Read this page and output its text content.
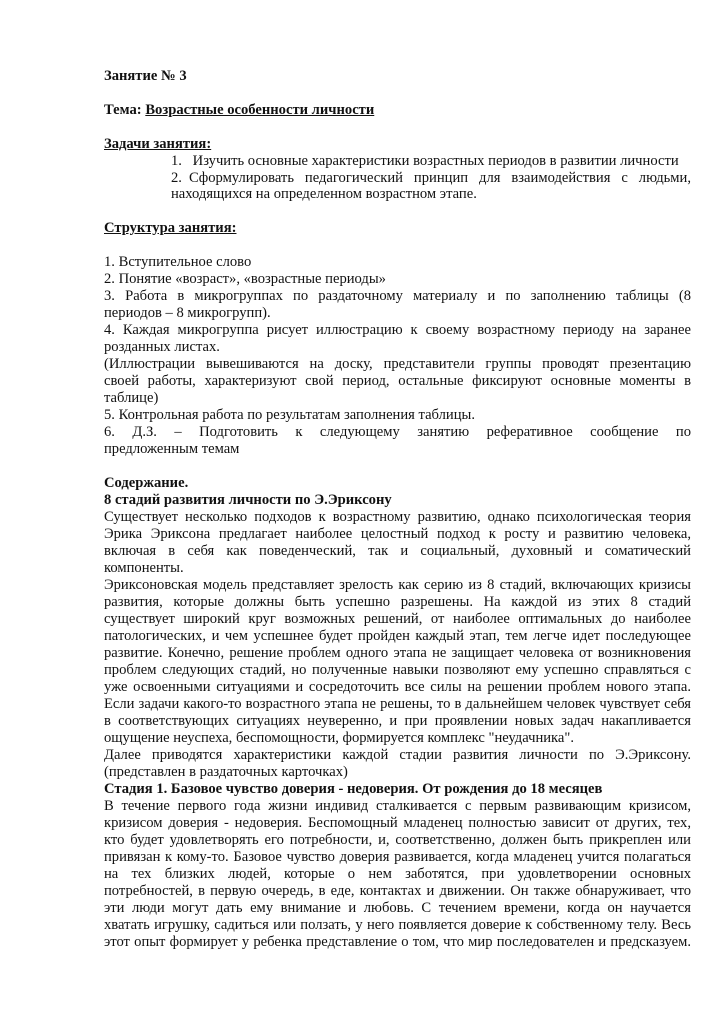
Занятие № 3
Тема: Возрастные особенности личности
Задачи занятия:
1. Изучить основные характеристики возрастных периодов в развитии личности
2. Сформулировать педагогический принцип для взаимодействия с людьми,
находящихся на определенном возрастном этапе.
Структура занятия:
1. Вступительное слово
2. Понятие «возраст», «возрастные периоды»
3. Работа в микрогруппах по раздаточному материалу и по заполнению таблицы (8
периодов – 8 микрогрупп).
4. Каждая микрогруппа рисует иллюстрацию к своему возрастному периоду на заранее
розданных листах.
(Иллюстрации вывешиваются на доску, представители группы проводят презентацию
своей работы, характеризуют свой период, остальные фиксируют основные моменты в
таблице)
5. Контрольная работа по результатам заполнения таблицы.
6. Д.З. – Подготовить к следующему занятию реферативное сообщение по
предложенным темам
Содержание.
8 стадий развития личности по Э.Эриксону
Существует несколько подходов к возрастному развитию, однако психологическая теория
Эрика Эриксона предлагает наиболее целостный подход к росту и развитию человека,
включая в себя как поведенческий, так и социальный, духовный и соматический
компоненты.
Эриксоновская модель представляет зрелость как серию из 8 стадий, включающих кризисы
развития, которые должны быть успешно разрешены. На каждой из этих 8 стадий
существует широкий круг возможных решений, от наиболее оптимальных до наиболее
патологических, и чем успешнее будет пройден каждый этап, тем легче идет последующее
развитие. Конечно, решение проблем одного этапа не защищает человека от возникновения
проблем следующих стадий, но полученные навыки позволяют ему успешно справляться с
уже освоенными ситуациями и сосредоточить все силы на решении проблем нового этапа.
Если задачи какого-то возрастного этапа не решены, то в дальнейшем человек чувствует себя
в соответствующих ситуациях неуверенно, и при проявлении новых задач накапливается
ощущение неуспеха, беспомощности, формируется комплекс "неудачника".
Далее приводятся характеристики каждой стадии развития личности по Э.Эриксону.
(представлен в раздаточных карточках)
Стадия 1. Базовое чувство доверия - недоверия. От рождения до 18 месяцев
В течение первого года жизни индивид сталкивается с первым развивающим кризисом,
кризисом доверия - недоверия. Беспомощный младенец полностью зависит от других, тех,
кто будет удовлетворять его потребности, и, соответственно, должен быть прикреплен или
привязан к кому-то. Базовое чувство доверия развивается, когда младенец учится полагаться
на тех близких людей, которые о нем заботятся, при удовлетворении основных
потребностей, в первую очередь, в еде, контактах и движении. Он также обнаруживает, что
эти люди могут дать ему внимание и любовь. С течением времени, когда он научается
хватать игрушку, садиться или ползать, у него появляется доверие к собственному телу. Весь
этот опыт формирует у ребенка представление о том, что мир последователен и предсказуем.
